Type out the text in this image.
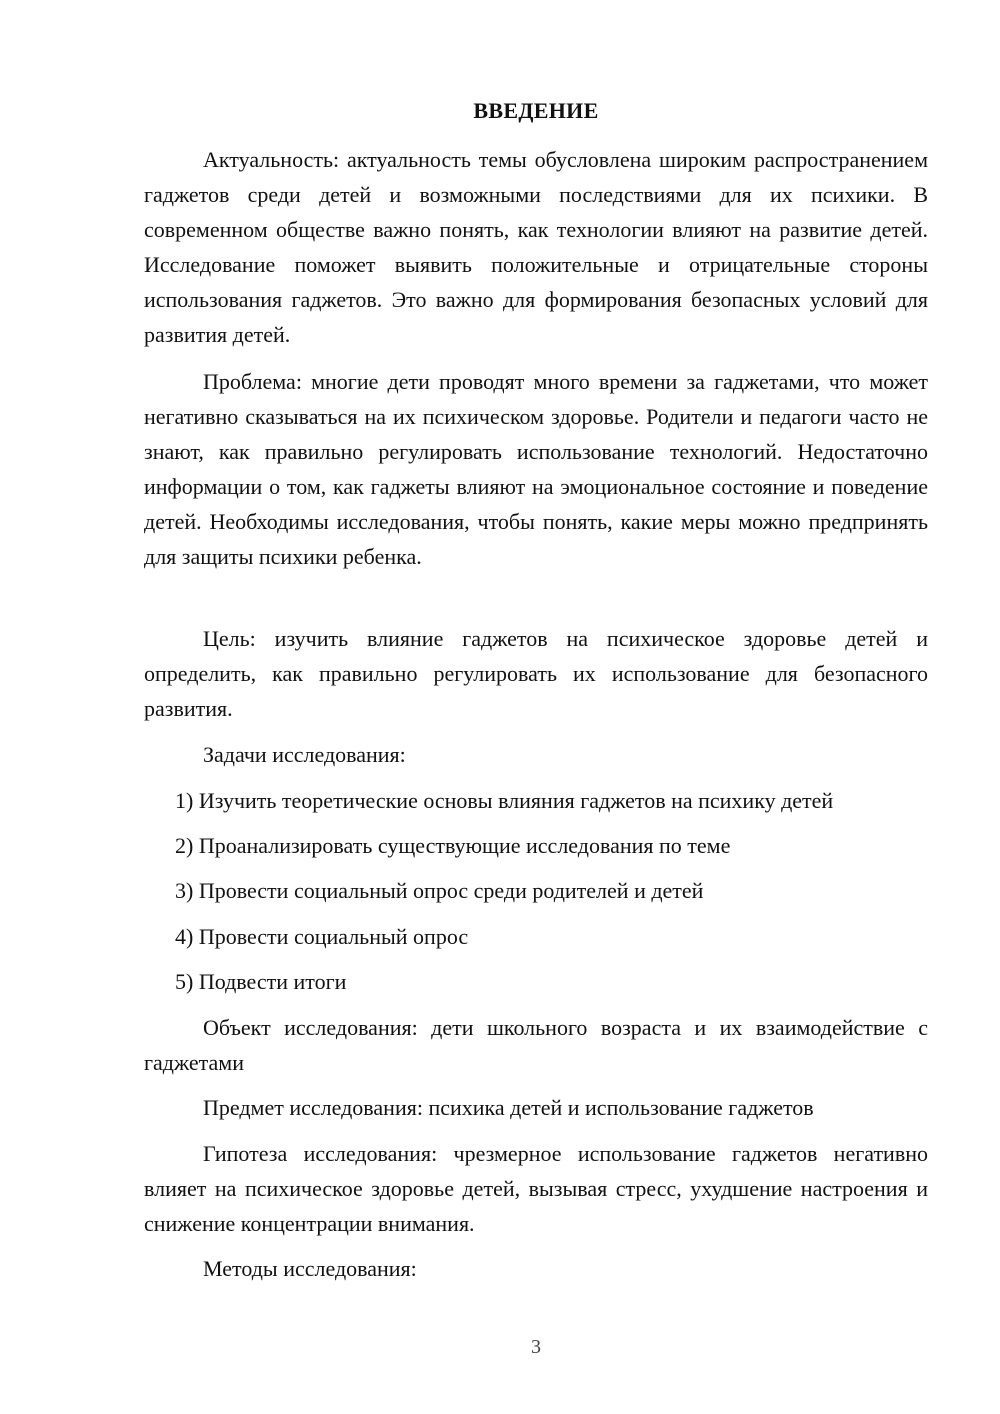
ВВЕДЕНИЕ

Актуальность: актуальность темы обусловлена широким распространением гаджетов среди детей и возможными последствиями для их психики. В современном обществе важно понять, как технологии влияют на развитие детей. Исследование поможет выявить положительные и отрицательные стороны использования гаджетов. Это важно для формирования безопасных условий для развития детей.

Проблема: многие дети проводят много времени за гаджетами, что может негативно сказываться на их психическом здоровье. Родители и педагоги часто не знают, как правильно регулировать использование технологий. Недостаточно информации о том, как гаджеты влияют на эмоциональное состояние и поведение детей. Необходимы исследования, чтобы понять, какие меры можно предпринять для защиты психики ребенка.

Цель: изучить влияние гаджетов на психическое здоровье детей и определить, как правильно регулировать их использование для безопасного развития.

Задачи исследования:

1) Изучить теоретические основы влияния гаджетов на психику детей

2) Проанализировать существующие исследования по теме

3) Провести социальный опрос среди родителей и детей

4) Провести социальный опрос

5) Подвести итоги

Объект исследования: дети школьного возраста и их взаимодействие с гаджетами

Предмет исследования: психика детей и использование гаджетов

Гипотеза исследования: чрезмерное использование гаджетов негативно влияет на психическое здоровье детей, вызывая стресс, ухудшение настроения и снижение концентрации внимания.

Методы исследования:

3
